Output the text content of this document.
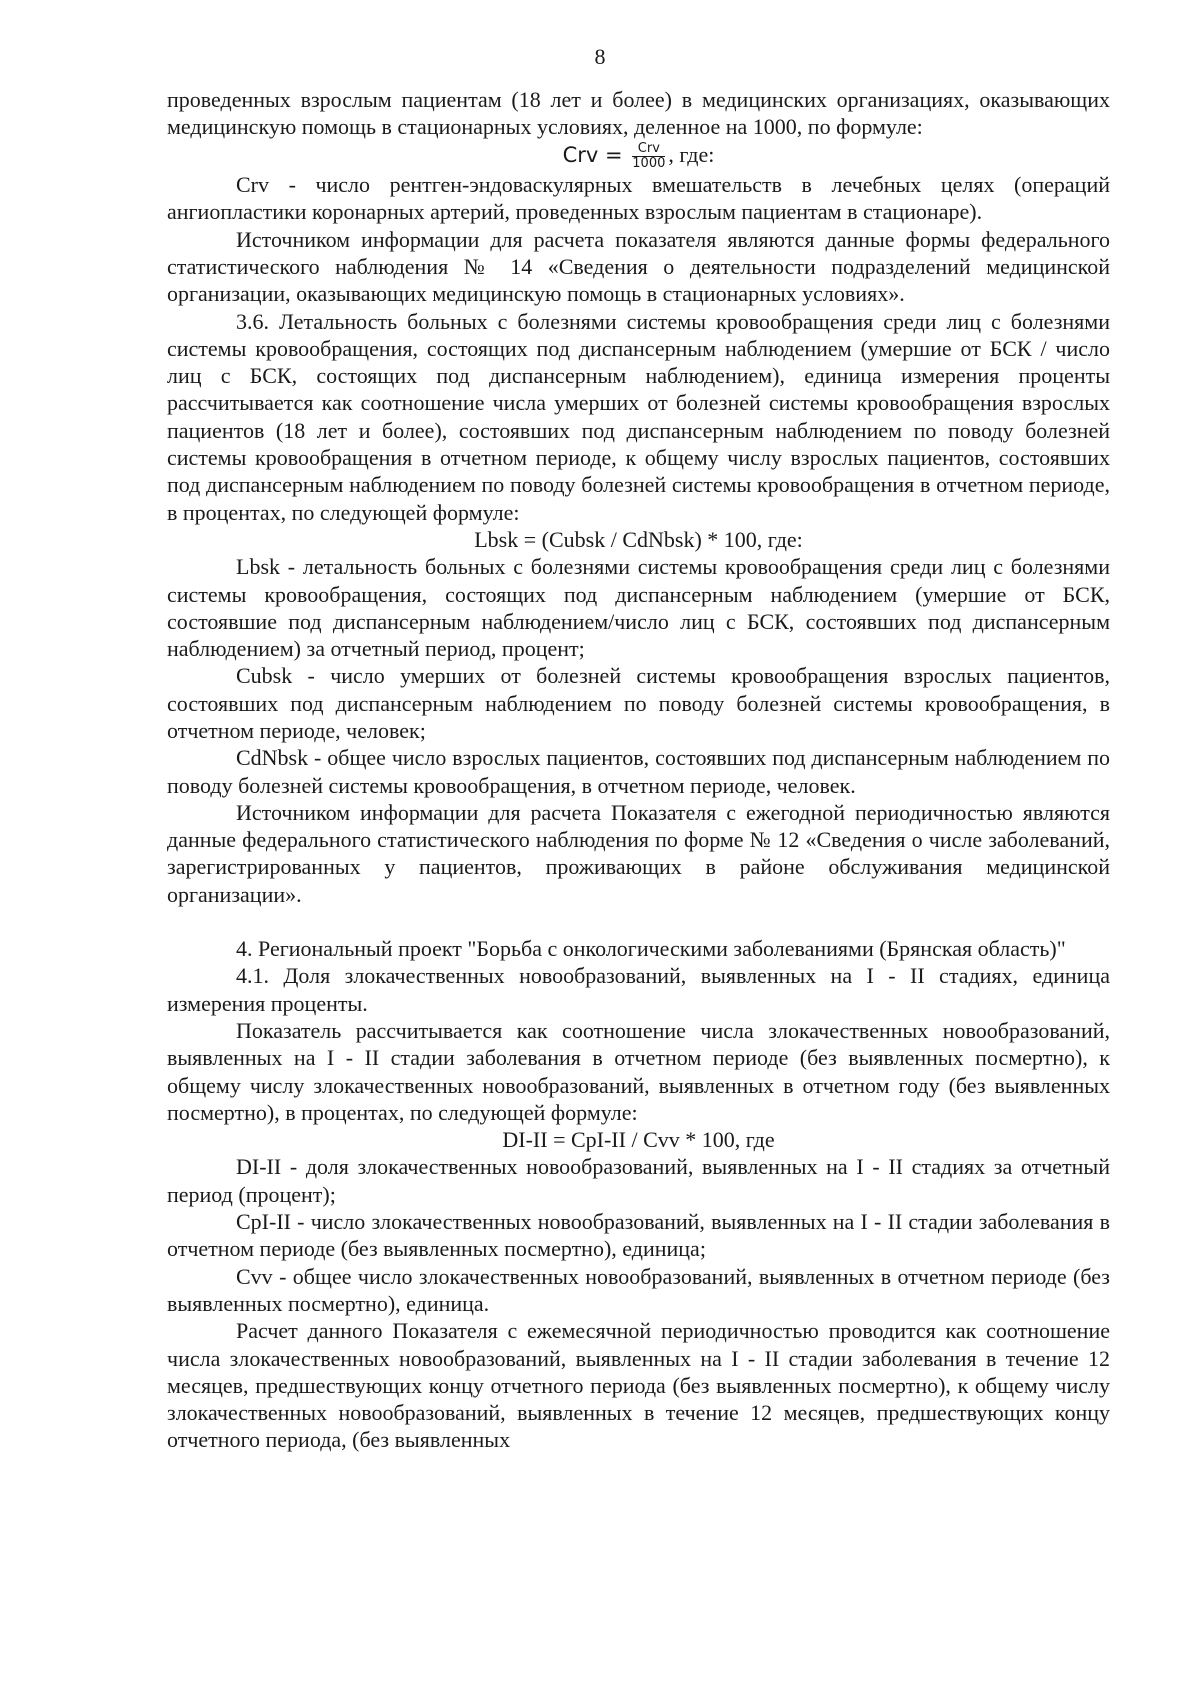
8

проведенных взрослым пациентам (18 лет и более) в медицинских организациях, оказывающих медицинскую помощь в стационарных условиях, деленное на 1000, по формуле:

Crv = $\frac{\text{Crv}}{1000}$ , где:

Crv - число рентген-эндоваскулярных вмешательств в лечебных целях (операций ангиопластики коронарных артерий, проведенных взрослым пациентам в стационаре).

Источником информации для расчета показателя являются данные формы федерального статистического наблюдения № 14 «Сведения о деятельности подразделений медицинской организации, оказывающих медицинскую помощь в стационарных условиях».

3.6. Летальность больных с болезнями системы кровообращения среди лиц с болезнями системы кровообращения, состоящих под диспансерным наблюдением (умершие от БСК / число лиц с БСК, состоящих под диспансерным наблюдением), единица измерения проценты рассчитывается как соотношение числа умерших от болезней системы кровообращения взрослых пациентов (18 лет и более), состоявших под диспансерным наблюдением по поводу болезней системы кровообращения в отчетном периоде, к общему числу взрослых пациентов, состоявших под диспансерным наблюдением по поводу болезней системы кровообращения в отчетном периоде, в процентах, по следующей формуле:

Lbsk = (Cubsk / CdNbsk) * 100, где:

Lbsk - летальность больных с болезнями системы кровообращения среди лиц с болезнями системы кровообращения, состоящих под диспансерным наблюдением (умершие от БСК, состоявшие под диспансерным наблюдением/число лиц с БСК, состоявших под диспансерным наблюдением) за отчетный период, процент;

Cubsk - число умерших от болезней системы кровообращения взрослых пациентов, состоявших под диспансерным наблюдением по поводу болезней системы кровообращения, в отчетном периоде, человек;

CdNbsk - общее число взрослых пациентов, состоявших под диспансерным наблюдением по поводу болезней системы кровообращения, в отчетном периоде, человек.

Источником информации для расчета Показателя с ежегодной периодичностью являются данные федерального статистического наблюдения по форме № 12 «Сведения о числе заболеваний, зарегистрированных у пациентов, проживающих в районе обслуживания медицинской организации».

4. Региональный проект "Борьба с онкологическими заболеваниями (Брянская область)"

4.1. Доля злокачественных новообразований, выявленных на I - II стадиях, единица измерения проценты.

Показатель рассчитывается как соотношение числа злокачественных новообразований, выявленных на I - II стадии заболевания в отчетном периоде (без выявленных посмертно), к общему числу злокачественных новообразований, выявленных в отчетном году (без выявленных посмертно), в процентах, по следующей формуле:

DI-II = CpI-II / Cvv * 100, где

DI-II - доля злокачественных новообразований, выявленных на I - II стадиях за отчетный период (процент);

CpI-II - число злокачественных новообразований, выявленных на I - II стадии заболевания в отчетном периоде (без выявленных посмертно), единица;

Cvv - общее число злокачественных новообразований, выявленных в отчетном периоде (без выявленных посмертно), единица.

Расчет данного Показателя с ежемесячной периодичностью проводится как соотношение числа злокачественных новообразований, выявленных на I - II стадии заболевания в течение 12 месяцев, предшествующих концу отчетного периода (без выявленных посмертно), к общему числу злокачественных новообразований, выявленных в течение 12 месяцев, предшествующих концу отчетного периода, (без выявленных
